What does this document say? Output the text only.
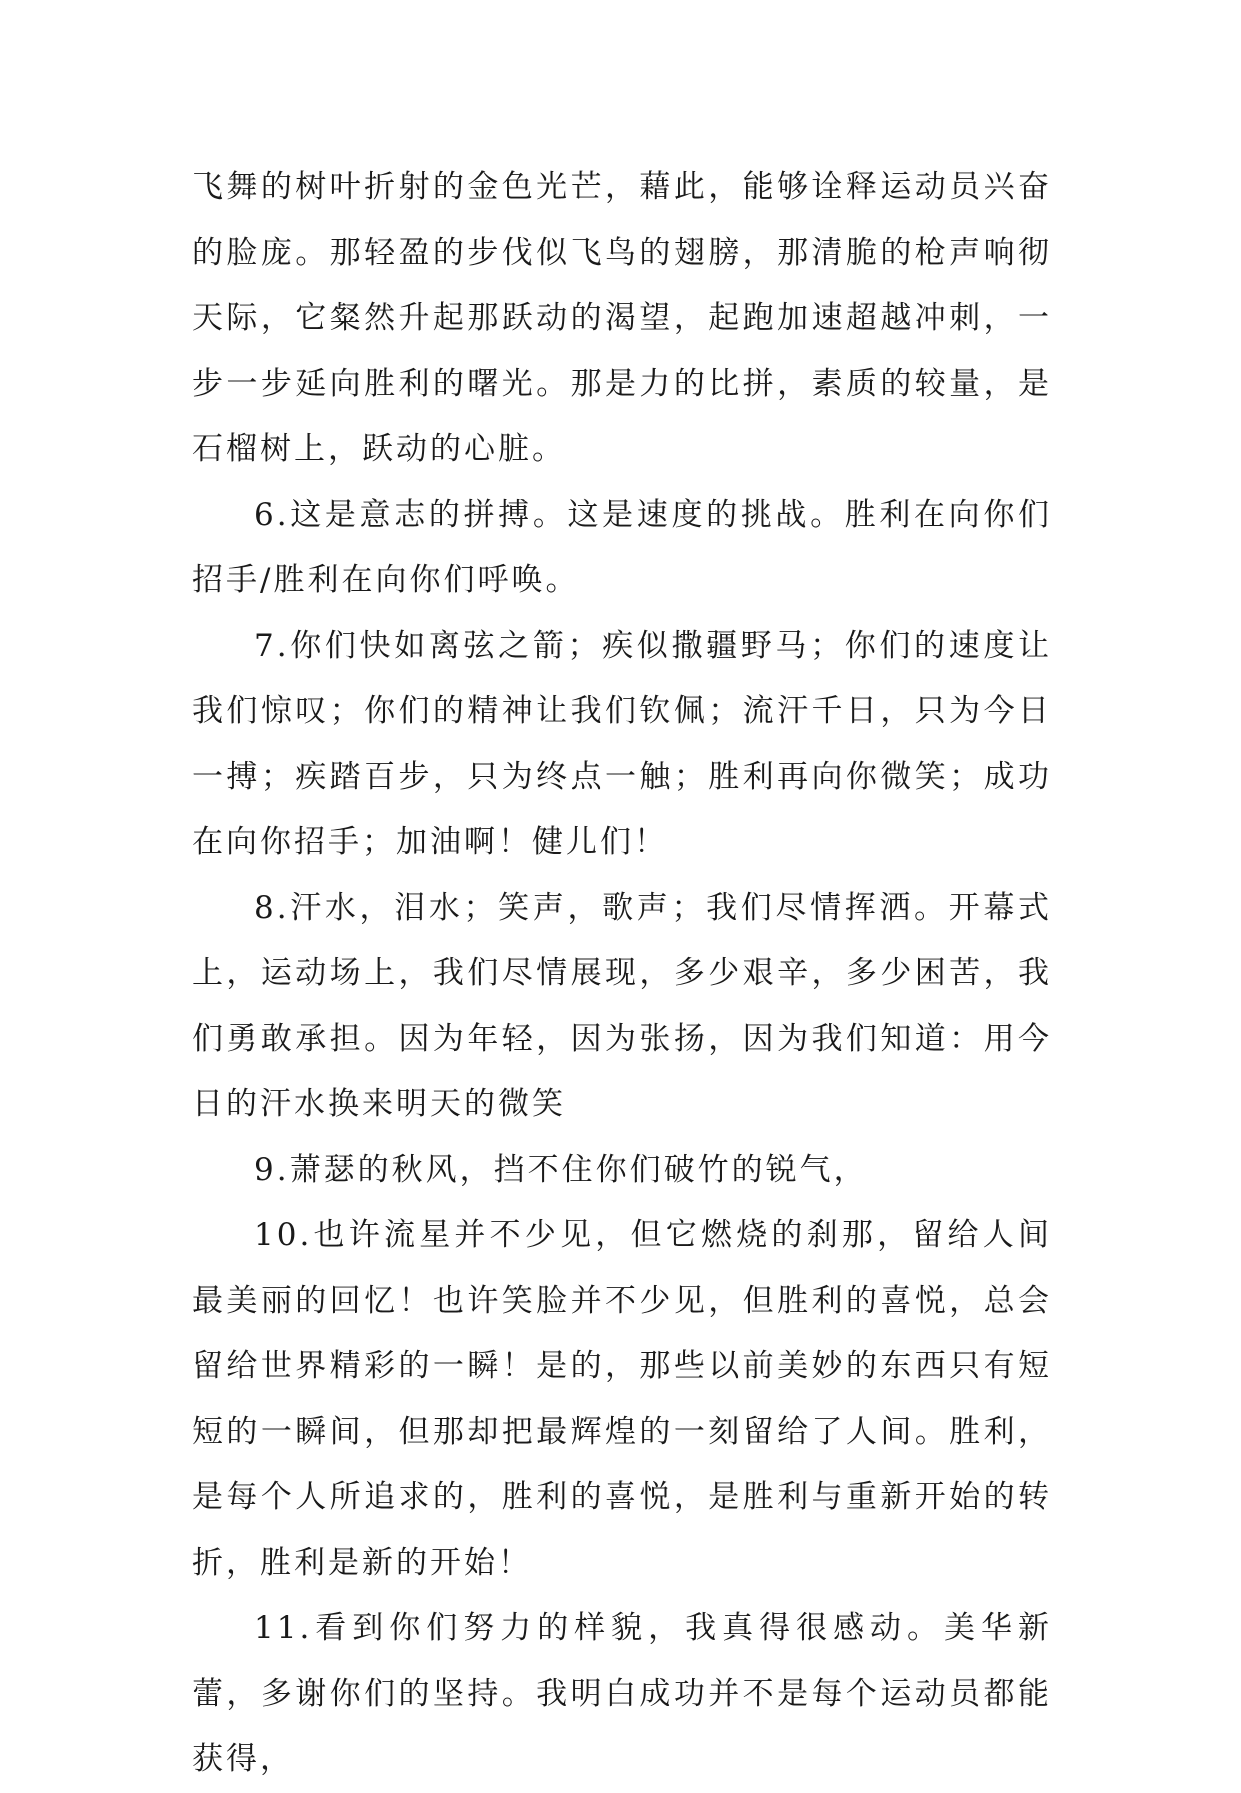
飞舞的树叶折射的金色光芒，藉此，能够诠释运动员兴奋的脸庞。那轻盈的步伐似飞鸟的翅膀，那清脆的枪声响彻天际，它粲然升起那跃动的渴望，起跑加速超越冲刺，一步一步延向胜利的曙光。那是力的比拼，素质的较量，是石榴树上，跃动的心脏。

6.这是意志的拼搏。这是速度的挑战。胜利在向你们招手/胜利在向你们呼唤。

7.你们快如离弦之箭；疾似撒疆野马；你们的速度让我们惊叹；你们的精神让我们钦佩；流汗千日，只为今日一搏；疾踏百步，只为终点一触；胜利再向你微笑；成功在向你招手；加油啊！健儿们！

8.汗水，泪水；笑声，歌声；我们尽情挥洒。开幕式上，运动场上，我们尽情展现，多少艰辛，多少困苦，我们勇敢承担。因为年轻，因为张扬，因为我们知道：用今日的汗水换来明天的微笑

9.萧瑟的秋风，挡不住你们破竹的锐气，

10.也许流星并不少见，但它燃烧的刹那，留给人间最美丽的回忆！也许笑脸并不少见，但胜利的喜悦，总会留给世界精彩的一瞬！是的，那些以前美妙的东西只有短短的一瞬间，但那却把最辉煌的一刻留给了人间。胜利，是每个人所追求的，胜利的喜悦，是胜利与重新开始的转折，胜利是新的开始！

11.看到你们努力的样貌，我真得很感动。美华新蕾，多谢你们的坚持。我明白成功并不是每个运动员都能获得，
